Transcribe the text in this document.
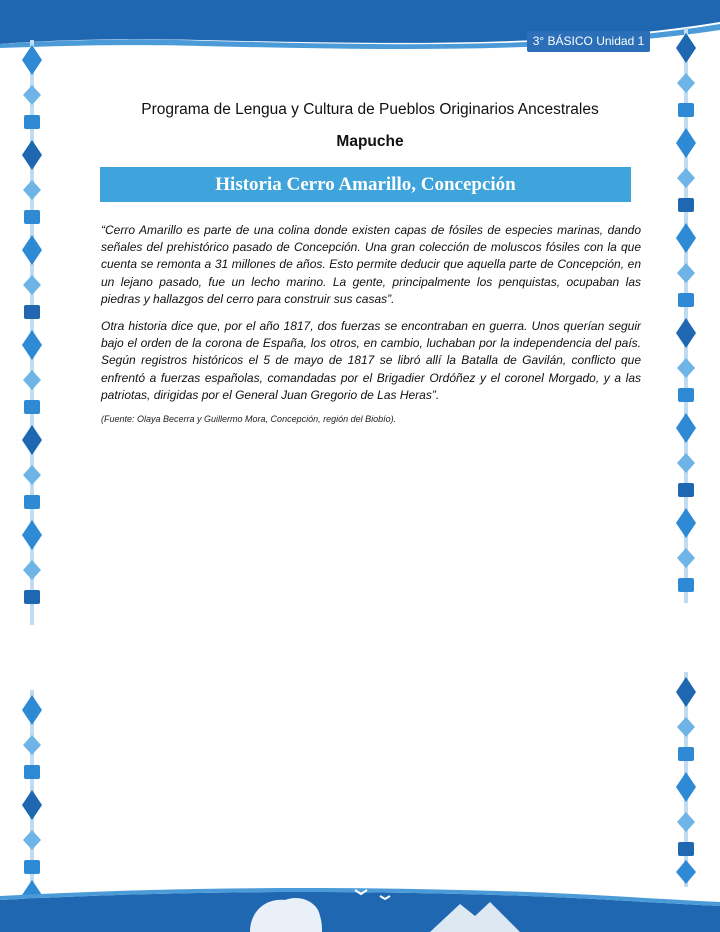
3° BÁSICO Unidad 1
Programa de Lengua y Cultura de Pueblos Originarios Ancestrales
Mapuche
Historia Cerro Amarillo, Concepción

“Cerro Amarillo es parte de una colina donde existen capas de fósiles de especies marinas, dando señales del prehistórico pasado de Concepción. Una gran colección de moluscos fósiles con la que cuenta se remonta a 31 millones de años. Esto permite deducir que aquella parte de Concepción, en un lejano pasado, fue un lecho marino. La gente, principalmente los penquistas, ocupaban las piedras y hallazgos del cerro para construir sus casas”.

Otra historia dice que, por el año 1817, dos fuerzas se encontraban en guerra. Unos querían seguir bajo el orden de la corona de España, los otros, en cambio, luchaban por la independencia del país. Según registros históricos el 5 de mayo de 1817 se libró allí la Batalla de Gavilán, conflicto que enfrentó a fuerzas españolas, comandadas por el Brigadier Ordóñez y el coronel Morgado, y a las patriotas, dirigidas por el General Juan Gregorio de Las Heras”.

(Fuente: Olaya Becerra y Guillermo Mora, Concepción, región del Biobío).
